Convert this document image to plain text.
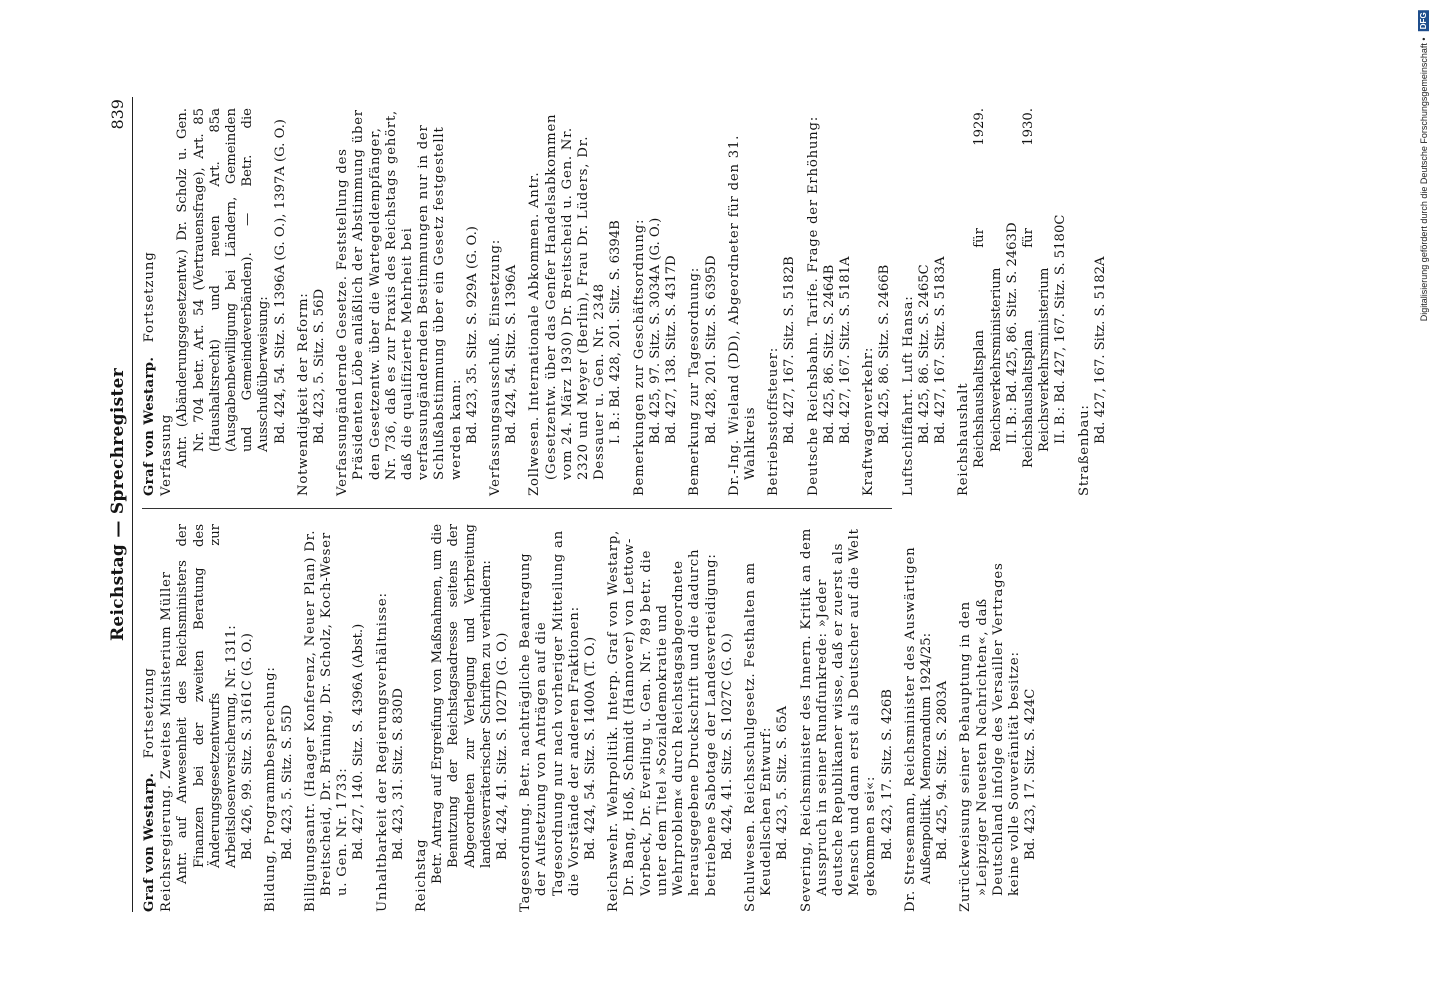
Reichstag — Sprechregister
839
Graf von Westarp. Fortsetzung Reichsregierung. Zweites Ministerium Müller Antr. auf Anwesenheit des Reichsministers der Finanzen bei der zweiten Beratung des Änderungsgesetzentwurfs zur Arbeitslosenversicherung, Nr. 1311: Bd. 426, 99. Sitz. S. 3161C (G. O.) Bildung, Programmbesprechung: Bd. 423, 5. Sitz. S. 55D Billigungsantr. (Haager Konferenz, Neuer Plan) Dr. Breitscheid, Dr. Brüning, Dr. Scholz, Koch-Weser u. Gen. Nr. 1733: Bd. 427, 140. Sitz. S. 4396A (Abst.) Unhaltbarkeit der Regierungsverhältnisse: Bd. 423, 31. Sitz. S. 830D
Reichstag Betr. Antrag auf Ergreifung von Maßnahmen, um die Benutzung der Reichstagsadresse seitens der Abgeordneten zur Verlegung und Verbreitung landesverräterischer Schriften zu verhindern: Bd. 424, 41. Sitz. S. 1027D (G. O.) Tagesordnung. Betr. nachträgliche Beantragung der Aufsetzung von Anträgen auf die Tagesordnung nur nach vorheriger Mitteilung an die Vorstände der anderen Fraktionen: Bd. 424, 54. Sitz. S. 1400A (T. O.) Reichswehr. Wehrpolitik. Interp. Graf von Westarp, Dr. Bang, Hoß, Schmidt (Hannover) von Lettow-Vorbeck, Dr. Everling u. Gen. Nr. 789 betr. die unter dem Titel »Sozialdemokratie und Wehrproblem« durch Reichstagsabgeordnete herausgegebene Druckschrift und die dadurch betriebene Sabotage der Landesverteidigung: Bd. 424, 41. Sitz. S. 1027C (G. O.) Schulwesen. Reichsschulgesetz. Festhalten am Keudellschen Entwurf: Bd. 423, 5. Sitz. S. 65A Severing, Reichsminister des Innern. Kritik an dem Ausspruch in seiner Rundfunkrede: »Jeder deutsche Republikaner wisse, daß er zuerst als Mensch und dann erst als Deutscher auf die Welt gekommen sei«: Bd. 423, 17. Sitz. S. 426B Dr. Stresemann, Reichsminister des Auswärtigen Außenpolitik. Memorandum 1924/25: Bd. 425, 94. Sitz. S. 2803A Zurückweisung seiner Behauptung in den »Leipziger Neuesten Nachrichten«, daß Deutschland infolge des Versailler Vertrages keine volle Souveränität besitze: Bd. 423, 17. Sitz. S. 424C
Graf von Westarp. Fortsetzung
Verfassung Antr. (Abänderungsgesetzentw.) Dr. Scholz u. Gen. Nr. 704 betr. Art. 54 (Vertrauensfrage), Art. 85 (Haushaltsrecht) und neuen Art. 85a (Ausgabenbewilligung bei Ländern, Gemeinden und Gemeindeverbänden). — Betr. die Ausschußüberweisung: Bd. 424, 54. Sitz. S. 1396A (G. O.), 1397A (G. O.) Notwendigkeit der Reform: Bd. 423, 5. Sitz. S. 56D Verfassungändernde Gesetze. Feststellung des Präsidenten Löbe anläßlich der Abstimmung über den Gesetzentw. über die Wartegeldempfänger, Nr. 736, daß es zur Praxis des Reichstags gehört, daß die qualifizierte Mehrheit bei verfassungändernden Bestimmungen nur in der Schlußabstimmung über ein Gesetz festgestellt werden kann: Bd. 423, 35. Sitz. S. 929A (G. O.) Verfassungsausschuß. Einsetzung: Bd. 424, 54. Sitz. S. 1396A Zollwesen. Internationale Abkommen. Antr. (Gesetzentw. über das Genfer Handelsabkommen vom 24. März 1930) Dr. Breitscheid u. Gen. Nr. 2320 und Meyer (Berlin), Frau Dr. Lüders, Dr. Dessauer u. Gen. Nr. 2348 I. B.: Bd. 428, 201. Sitz. S. 6394B Bemerkungen zur Geschäftsordnung: Bd. 425, 97. Sitz. S. 3034A (G. O.) Bd. 427, 138. Sitz. S. 4317D Bemerkung zur Tagesordnung: Bd. 428, 201. Sitz. S. 6395D Dr.-Ing. Wieland (DD), Abgeordneter für den 31. Wahlkreis Betriebsstoffsteuer: Bd. 427, 167. Sitz. S. 5182B Deutsche Reichsbahn. Tarife. Frage der Erhöhung: Bd. 425, 86. Sitz. S. 2464B Bd. 427, 167. Sitz. S. 5181A Kraftwagenverkehr: Bd. 425, 86. Sitz. S. 2466B Luftschiffahrt. Luft Hansa: Bd. 425, 86. Sitz. S. 2465C Bd. 427, 167. Sitz. S. 5183A Reichshaushalt Reichshaushaltsplan für 1929. Reichsverkehrsministerium II. B.: Bd. 425, 86. Sitz. S. 2463D Reichshaushaltsplan für 1930. Reichsverkehrsministerium II. B.: Bd. 427, 167. Sitz. S. 5180C
Straßenbau:
Bd. 427, 167. Sitz. S. 5182A
Digitalisierung gefördert durch die Deutsche Forschungsgemeinschaft • DFG
